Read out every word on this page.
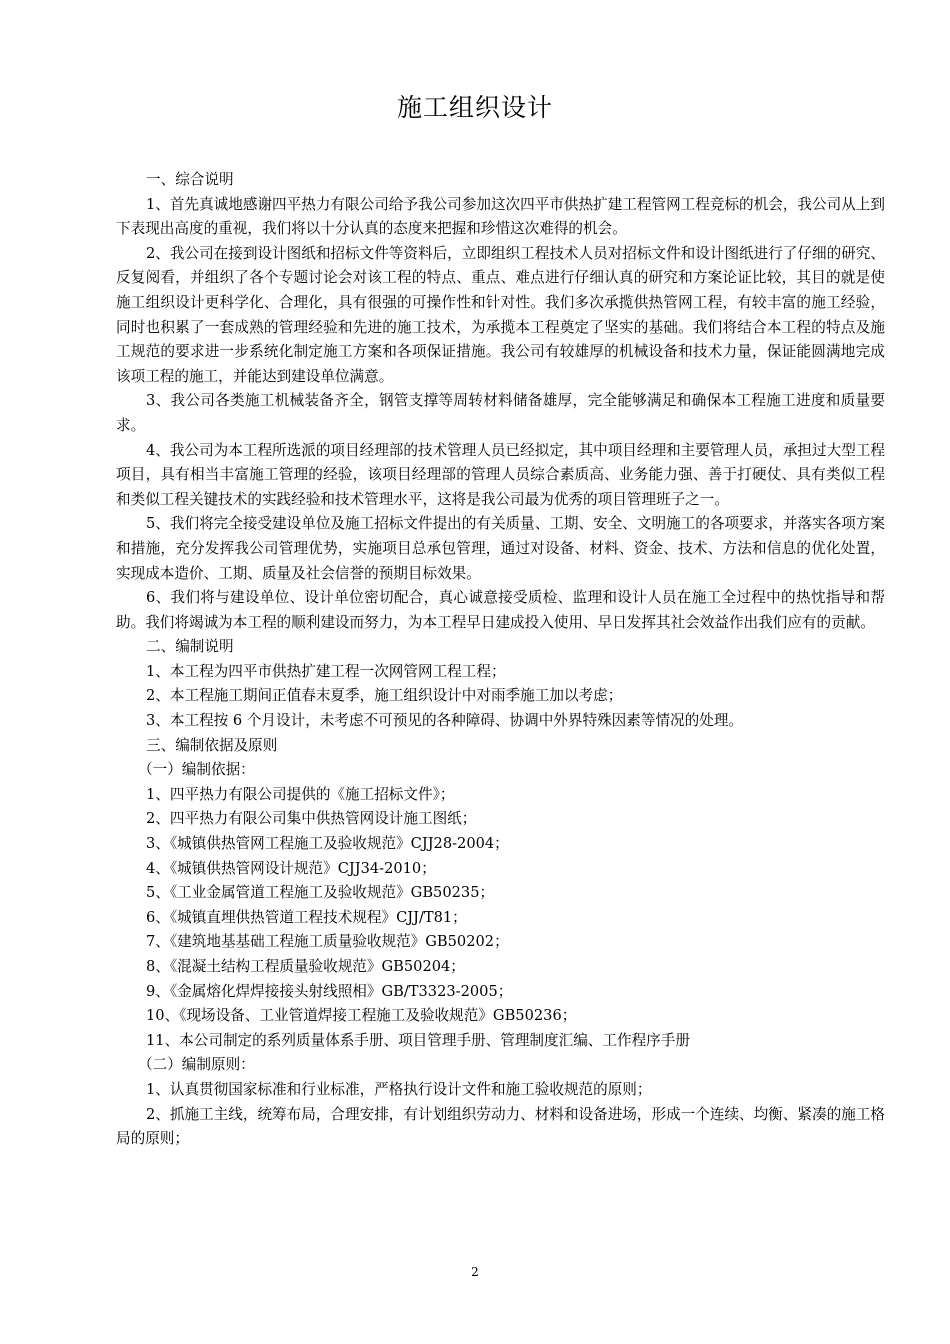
施工组织设计

一、综合说明

1、首先真诚地感谢四平热力有限公司给予我公司参加这次四平市供热扩建工程管网工程竞标的机会，我公司从上到下表现出高度的重视，我们将以十分认真的态度来把握和珍惜这次难得的机会。

2、我公司在接到设计图纸和招标文件等资料后，立即组织工程技术人员对招标文件和设计图纸进行了仔细的研究、反复阅看，并组织了各个专题讨论会对该工程的特点、重点、难点进行仔细认真的研究和方案论证比较，其目的就是使施工组织设计更科学化、合理化，具有很强的可操作性和针对性。我们多次承揽供热管网工程，有较丰富的施工经验，同时也积累了一套成熟的管理经验和先进的施工技术，为承揽本工程奠定了坚实的基础。我们将结合本工程的特点及施工规范的要求进一步系统化制定施工方案和各项保证措施。我公司有较雄厚的机械设备和技术力量，保证能圆满地完成该项工程的施工，并能达到建设单位满意。

3、我公司各类施工机械装备齐全，钢管支撑等周转材料储备雄厚，完全能够满足和确保本工程施工进度和质量要求。

4、我公司为本工程所选派的项目经理部的技术管理人员已经拟定，其中项目经理和主要管理人员，承担过大型工程项目，具有相当丰富施工管理的经验，该项目经理部的管理人员综合素质高、业务能力强、善于打硬仗、具有类似工程和类似工程关键技术的实践经验和技术管理水平，这将是我公司最为优秀的项目管理班子之一。

5、我们将完全接受建设单位及施工招标文件提出的有关质量、工期、安全、文明施工的各项要求，并落实各项方案和措施，充分发挥我公司管理优势，实施项目总承包管理，通过对设备、材料、资金、技术、方法和信息的优化处置，实现成本造价、工期、质量及社会信誉的预期目标效果。

6、我们将与建设单位、设计单位密切配合，真心诚意接受质检、监理和设计人员在施工全过程中的热忱指导和帮助。我们将竭诚为本工程的顺利建设而努力，为本工程早日建成投入使用、早日发挥其社会效益作出我们应有的贡献。

二、编制说明

1、本工程为四平市供热扩建工程一次网管网工程工程；

2、本工程施工期间正值春末夏季，施工组织设计中对雨季施工加以考虑；

3、本工程按 6 个月设计，未考虑不可预见的各种障碍、协调中外界特殊因素等情况的处理。

三、编制依据及原则

（一）编制依据：

1、四平热力有限公司提供的《施工招标文件》；

2、四平热力有限公司集中供热管网设计施工图纸；

3、《城镇供热管网工程施工及验收规范》CJJ28-2004；

4、《城镇供热管网设计规范》CJJ34-2010；

5、《工业金属管道工程施工及验收规范》GB50235；

6、《城镇直埋供热管道工程技术规程》CJJ/T81；

7、《建筑地基基础工程施工质量验收规范》GB50202；

8、《混凝土结构工程质量验收规范》GB50204；

9、《金属熔化焊焊接接头射线照相》GB/T3323-2005；

10、《现场设备、工业管道焊接工程施工及验收规范》GB50236；

11、本公司制定的系列质量体系手册、项目管理手册、管理制度汇编、工作程序手册

（二）编制原则：

1、认真贯彻国家标准和行业标准，严格执行设计文件和施工验收规范的原则；

2、抓施工主线，统筹布局，合理安排，有计划组织劳动力、材料和设备进场，形成一个连续、均衡、紧凑的施工格局的原则；

2
